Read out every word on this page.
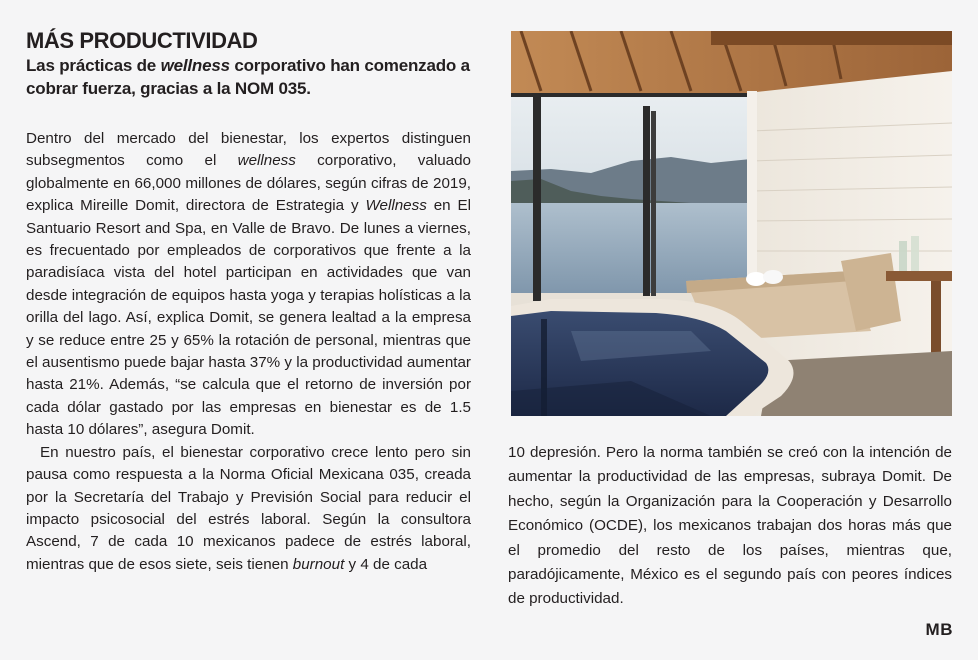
MÁS PRODUCTIVIDAD
Las prácticas de wellness corporativo han comenzado a cobrar fuerza, gracias a la NOM 035.

Dentro del mercado del bienestar, los expertos distinguen subsegmentos como el wellness corporativo, valuado globalmente en 66,000 millones de dólares, según cifras de 2019, explica Mireille Domit, directora de Estrategia y Wellness en El Santuario Resort and Spa, en Valle de Bravo. De lunes a viernes, es frecuentado por empleados de corporativos que frente a la paradisíaca vista del hotel participan en actividades que van desde integración de equipos hasta yoga y terapias holísticas a la orilla del lago. Así, explica Domit, se genera lealtad a la empresa y se reduce entre 25 y 65% la rotación de personal, mientras que el ausentismo puede bajar hasta 37% y la productividad aumentar hasta 21%. Además, “se calcula que el retorno de inversión por cada dólar gastado por las empresas en bienestar es de 1.5 hasta 10 dólares”, asegura Domit.

En nuestro país, el bienestar corporativo crece lento pero sin pausa como respuesta a la Norma Oficial Mexicana 035, creada por la Secretaría del Trabajo y Previsión Social para reducir el impacto psicosocial del estrés laboral. Según la consultora Ascend, 7 de cada 10 mexicanos padece de estrés laboral, mientras que de esos siete, seis tienen burnout y 4 de cada

10 depresión. Pero la norma también se creó con la intención de aumentar la productividad de las empresas, subraya Domit. De hecho, según la Organización para la Cooperación y Desarrollo Económico (OCDE), los mexicanos trabajan dos horas más que el promedio del resto de los países, mientras que, paradójicamente, México es el segundo país con peores índices de productividad.

MB
